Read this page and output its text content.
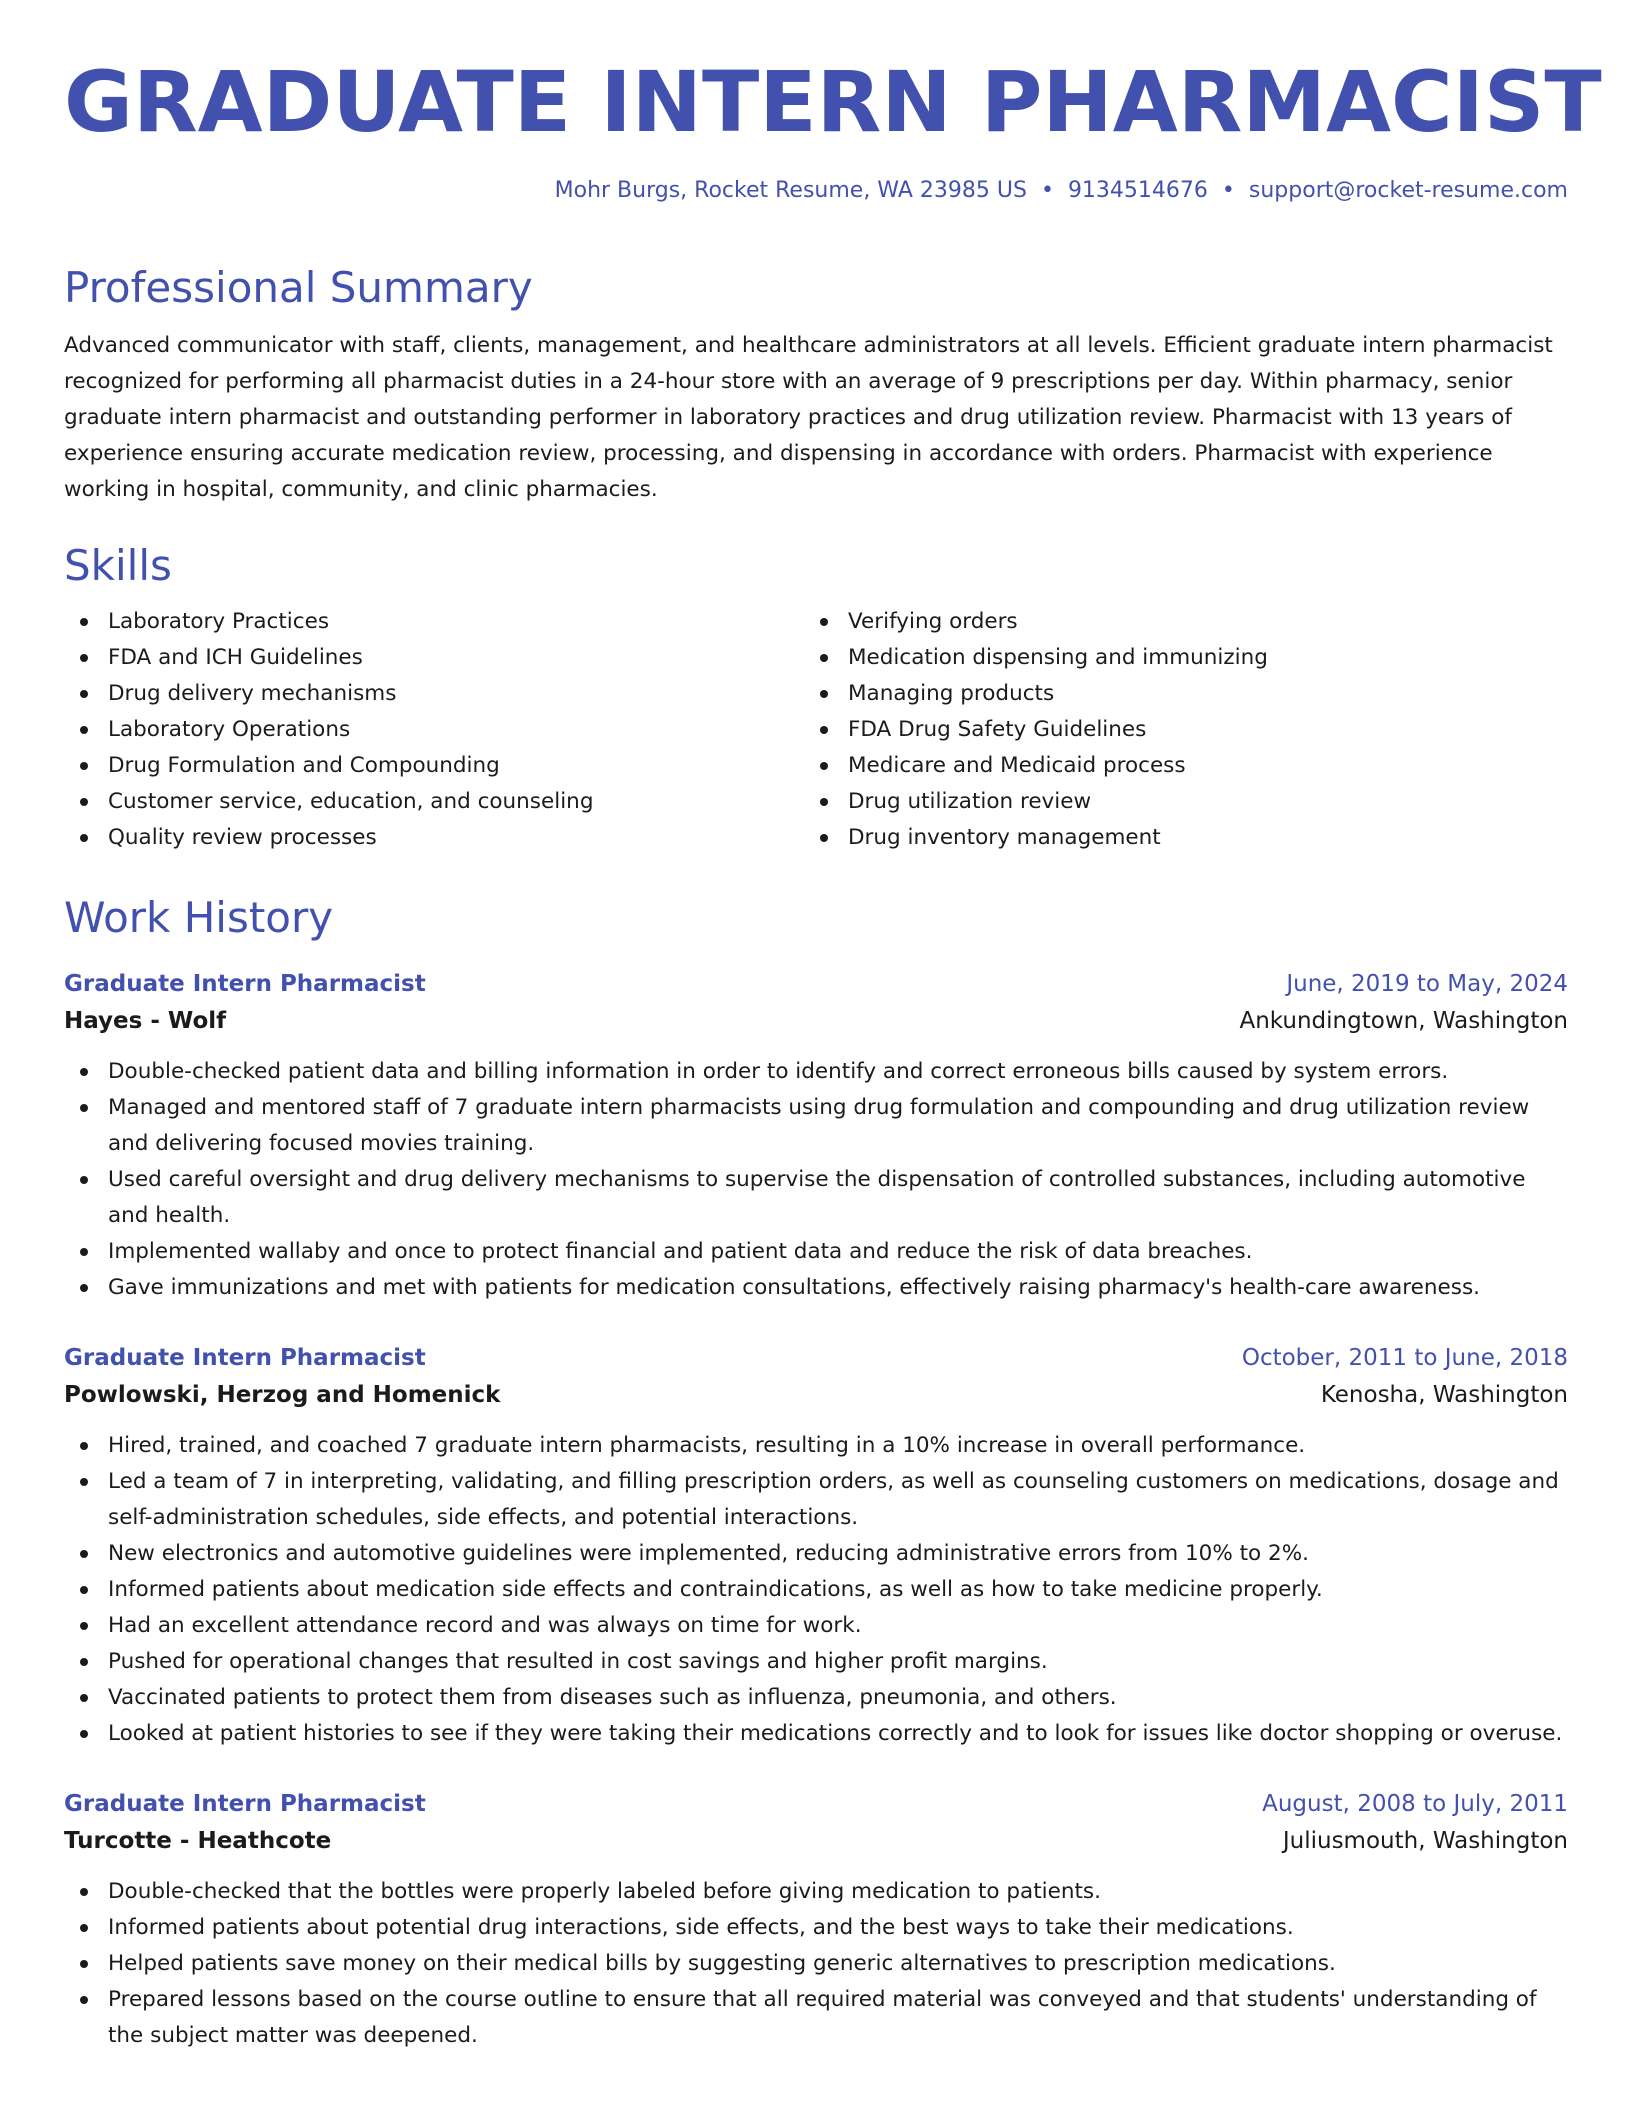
GRADUATE INTERN PHARMACIST
Mohr Burgs, Rocket Resume, WA 23985 US • 9134514676 • support@rocket-resume.com
Professional Summary

Advanced communicator with staff, clients, management, and healthcare administrators at all levels. Efficient graduate intern pharmacist recognized for performing all pharmacist duties in a 24-hour store with an average of 9 prescriptions per day. Within pharmacy, senior graduate intern pharmacist and outstanding performer in laboratory practices and drug utilization review. Pharmacist with 13 years of experience ensuring accurate medication review, processing, and dispensing in accordance with orders. Pharmacist with experience working in hospital, community, and clinic pharmacies.

Skills
Laboratory Practices
FDA and ICH Guidelines
Drug delivery mechanisms
Laboratory Operations
Drug Formulation and Compounding
Customer service, education, and counseling
Quality review processes
Verifying orders
Medication dispensing and immunizing
Managing products
FDA Drug Safety Guidelines
Medicare and Medicaid process
Drug utilization review
Drug inventory management
Work History
Graduate Intern Pharmacist	June, 2019 to May, 2024
Hayes - Wolf	Ankundingtown, Washington
Double-checked patient data and billing information in order to identify and correct erroneous bills caused by system errors.
Managed and mentored staff of 7 graduate intern pharmacists using drug formulation and compounding and drug utilization review and delivering focused movies training.
Used careful oversight and drug delivery mechanisms to supervise the dispensation of controlled substances, including automotive and health.
Implemented wallaby and once to protect financial and patient data and reduce the risk of data breaches.
Gave immunizations and met with patients for medication consultations, effectively raising pharmacy's health-care awareness.
Graduate Intern Pharmacist	October, 2011 to June, 2018
Powlowski, Herzog and Homenick	Kenosha, Washington
Hired, trained, and coached 7 graduate intern pharmacists, resulting in a 10% increase in overall performance.
Led a team of 7 in interpreting, validating, and filling prescription orders, as well as counseling customers on medications, dosage and self-administration schedules, side effects, and potential interactions.
New electronics and automotive guidelines were implemented, reducing administrative errors from 10% to 2%.
Informed patients about medication side effects and contraindications, as well as how to take medicine properly.
Had an excellent attendance record and was always on time for work.
Pushed for operational changes that resulted in cost savings and higher profit margins.
Vaccinated patients to protect them from diseases such as influenza, pneumonia, and others.
Looked at patient histories to see if they were taking their medications correctly and to look for issues like doctor shopping or overuse.
Graduate Intern Pharmacist	August, 2008 to July, 2011
Turcotte - Heathcote	Juliusmouth, Washington
Double-checked that the bottles were properly labeled before giving medication to patients.
Informed patients about potential drug interactions, side effects, and the best ways to take their medications.
Helped patients save money on their medical bills by suggesting generic alternatives to prescription medications.
Prepared lessons based on the course outline to ensure that all required material was conveyed and that students' understanding of the subject matter was deepened.
